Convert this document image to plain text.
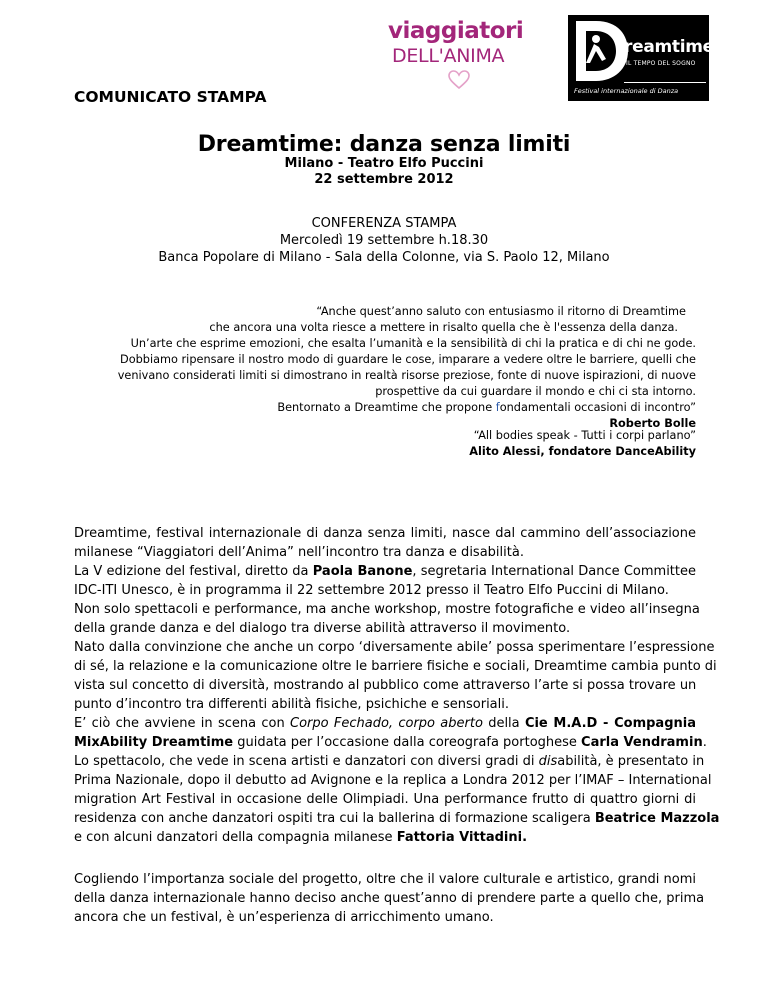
viaggiatori
DELL'ANIMA	reamtime
IL TEMPO DEL SOGNO
Festival internazionale di Danza
COMUNICATO STAMPA
Dreamtime: danza senza limiti
Milano - Teatro Elfo Puccini
22 settembre 2012
CONFERENZA STAMPA
Mercoledì 19 settembre h.18.30
Banca Popolare di Milano - Sala della Colonne, via S. Paolo 12, Milano
“Anche quest’anno saluto con entusiasmo il ritorno di Dreamtime
che ancora una volta riesce a mettere in risalto quella che è l'essenza della danza.
Un’arte che esprime emozioni, che esalta l’umanità e la sensibilità di chi la pratica e di chi ne gode.
Dobbiamo ripensare il nostro modo di guardare le cose, imparare a vedere oltre le barriere, quelli che
venivano considerati limiti si dimostrano in realtà risorse preziose, fonte di nuove ispirazioni, di nuove
prospettive da cui guardare il mondo e chi ci sta intorno.
Bentornato a Dreamtime che propone fondamentali occasioni di incontro”
Roberto Bolle
“All bodies speak - Tutti i corpi parlano”
Alito Alessi, fondatore DanceAbility
Dreamtime, festival internazionale di danza senza limiti, nasce dal cammino dell’associazione
milanese “Viaggiatori dell’Anima” nell’incontro tra danza e disabilità.
La V edizione del festival, diretto da Paola Banone, segretaria International Dance Committee
IDC-ITI Unesco, è in programma il 22 settembre 2012 presso il Teatro Elfo Puccini di Milano.
Non solo spettacoli e performance, ma anche workshop, mostre fotografiche e video all’insegna
della grande danza e del dialogo tra diverse abilità attraverso il movimento.
Nato dalla convinzione che anche un corpo ‘diversamente abile’ possa sperimentare l’espressione
di sé, la relazione e la comunicazione oltre le barriere fisiche e sociali, Dreamtime cambia punto di
vista sul concetto di diversità, mostrando al pubblico come attraverso l’arte si possa trovare un
punto d’incontro tra differenti abilità fisiche, psichiche e sensoriali.
E’ ciò che avviene in scena con Corpo Fechado, corpo aberto della Cie M.A.D - Compagnia
MixAbility Dreamtime guidata per l’occasione dalla coreografa portoghese Carla Vendramin.
Lo spettacolo, che vede in scena artisti e danzatori con diversi gradi di disabilità, è presentato in
Prima Nazionale, dopo il debutto ad Avignone e la replica a Londra 2012 per l’IMAF – International
migration Art Festival in occasione delle Olimpiadi. Una performance frutto di quattro giorni di
residenza con anche danzatori ospiti tra cui la ballerina di formazione scaligera Beatrice Mazzola
e con alcuni danzatori della compagnia milanese Fattoria Vittadini.
Cogliendo l’importanza sociale del progetto, oltre che il valore culturale e artistico, grandi nomi
della danza internazionale hanno deciso anche quest’anno di prendere parte a quello che, prima
ancora che un festival, è un’esperienza di arricchimento umano.
